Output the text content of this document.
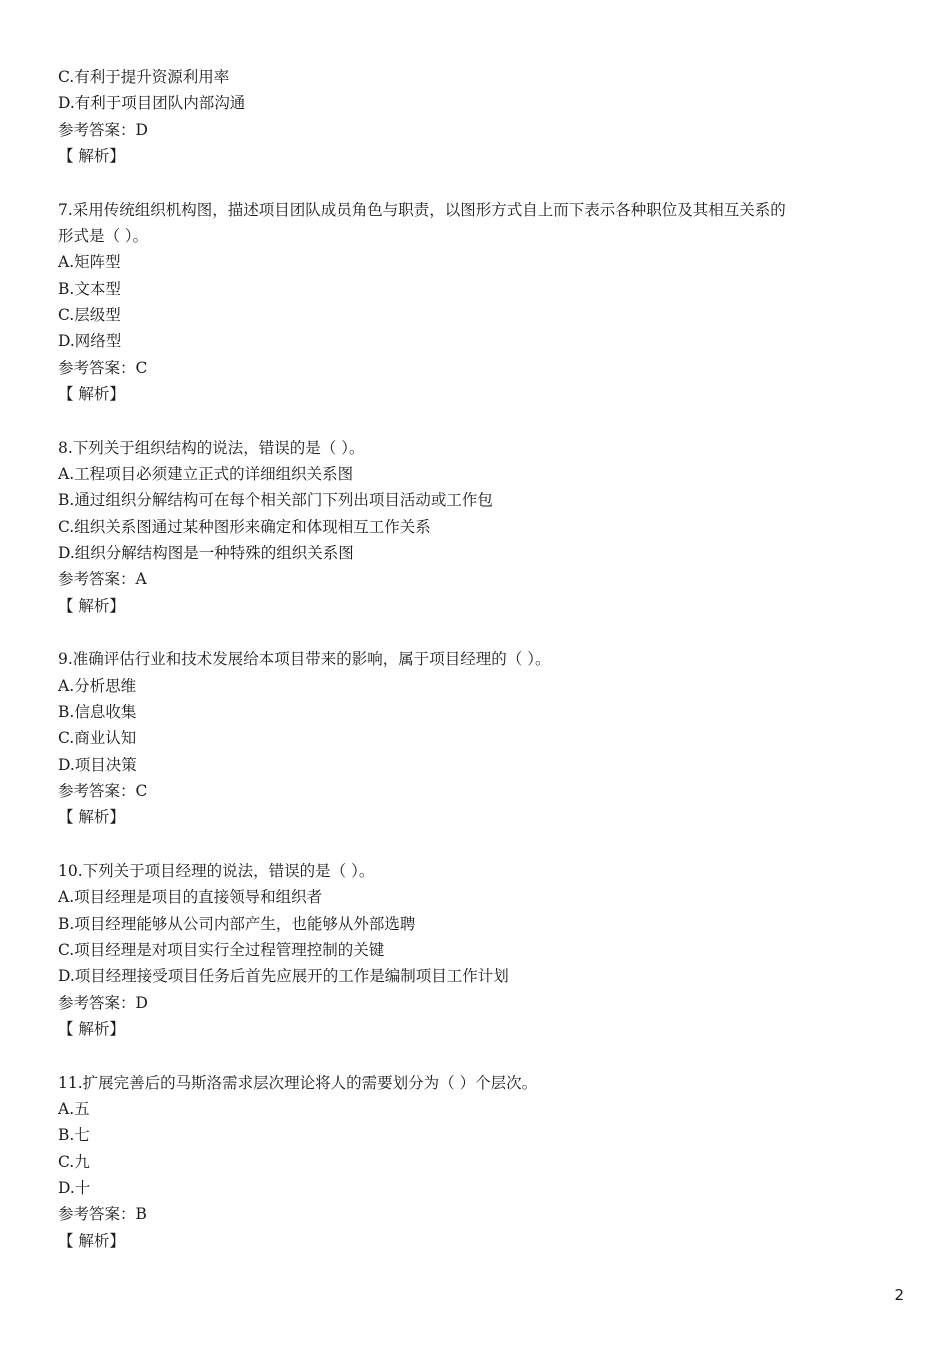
C.有利于提升资源利用率
D.有利于项目团队内部沟通
参考答案：D
【 解析】
7.采用传统组织机构图，描述项目团队成员角色与职责，以图形方式自上而下表示各种职位及其相互关系的
形式是（ ）。
A.矩阵型
B.文本型
C.层级型
D.网络型
参考答案：C
【 解析】
8.下列关于组织结构的说法，错误的是（ ）。
A.工程项目必须建立正式的详细组织关系图
B.通过组织分解结构可在每个相关部门下列出项目活动或工作包
C.组织关系图通过某种图形来确定和体现相互工作关系
D.组织分解结构图是一种特殊的组织关系图
参考答案：A
【 解析】
9.准确评估行业和技术发展给本项目带来的影响，属于项目经理的（ ）。
A.分析思维
B.信息收集
C.商业认知
D.项目决策
参考答案：C
【 解析】
10.下列关于项目经理的说法，错误的是（ ）。
A.项目经理是项目的直接领导和组织者
B.项目经理能够从公司内部产生，也能够从外部选聘
C.项目经理是对项目实行全过程管理控制的关键
D.项目经理接受项目任务后首先应展开的工作是编制项目工作计划
参考答案：D
【 解析】
11.扩展完善后的马斯洛需求层次理论将人的需要划分为（ ）个层次。
A.五
B.七
C.九
D.十
参考答案：B
【 解析】
2
